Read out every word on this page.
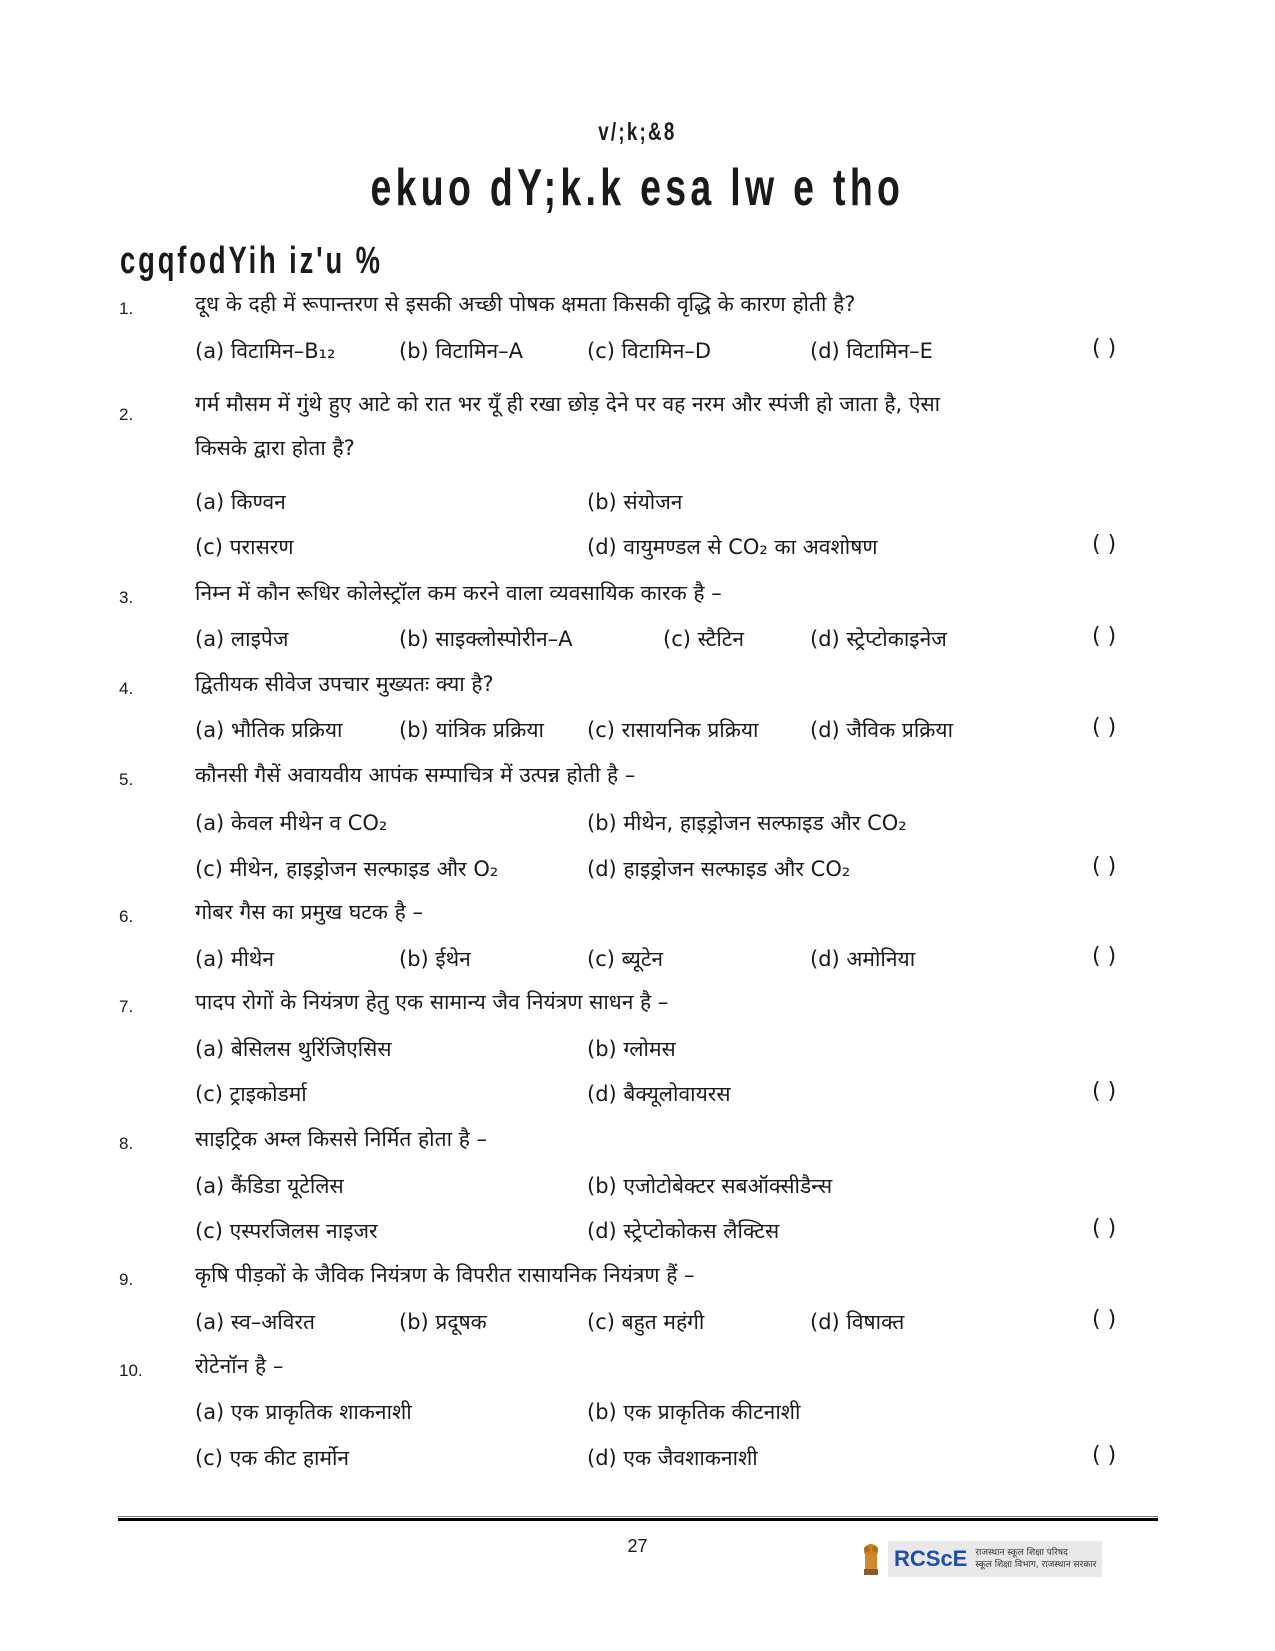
v/;k;&8
ekuo dY;k.k esa lw e tho
cgqfodYih iz'u %
1.	दूध के दही में रूपान्तरण से इसकी अच्छी पोषक क्षमता किसकी वृद्धि के कारण होती है?
(a) विटामिन–B₁₂	(b) विटामिन–A	(c) विटामिन–D	(d) विटामिन–E	( )
2.	गर्म मौसम में गुंथे हुए आटे को रात भर यूँ ही रखा छोड़ देने पर वह नरम और स्पंजी हो जाता है, ऐसा
किसके द्वारा होता है?
(a) किण्वन	(b) संयोजन
(c) परासरण	(d) वायुमण्डल से CO₂ का अवशोषण	( )
3.	निम्न में कौन रूधिर कोलेस्ट्रॉल कम करने वाला व्यवसायिक कारक है –
(a) लाइपेज	(b) साइक्लोस्पोरीन–A	(c) स्टैटिन	(d) स्ट्रेप्टोकाइनेज	( )
4.	द्वितीयक सीवेज उपचार मुख्यतः क्या है?
(a) भौतिक प्रक्रिया	(b) यांत्रिक प्रक्रिया (c) रासायनिक प्रक्रिया (d) जैविक प्रक्रिया	( )
5.	कौनसी गैसें अवायवीय आपंक सम्पाचित्र में उत्पन्न होती है –
(a) केवल मीथेन व CO₂	(b) मीथेन, हाइड्रोजन सल्फाइड और CO₂
(c) मीथेन, हाइड्रोजन सल्फाइड और O₂	(d) हाइड्रोजन सल्फाइड और CO₂	( )
6.	गोबर गैस का प्रमुख घटक है –
(a) मीथेन	(b) ईथेन	(c) ब्यूटेन	(d) अमोनिया	( )
7.	पादप रोगों के नियंत्रण हेतु एक सामान्य जैव नियंत्रण साधन है –
(a) बेसिलस थुरिंजिएसिस	(b) ग्लोमस
(c) ट्राइकोडर्मा	(d) बैक्यूलोवायरस	( )
8.	साइट्रिक अम्ल किससे निर्मित होता है –
(a) कैंडिडा यूटेलिस	(b) एजोटोबेक्टर सबऑक्सीडैन्स
(c) एस्परजिलस नाइजर	(d) स्ट्रेप्टोकोकस लैक्टिस	( )
9.	कृषि पीड़कों के जैविक नियंत्रण के विपरीत रासायनिक नियंत्रण हैं –
(a) स्व–अविरत	(b) प्रदूषक	(c) बहुत महंगी	(d) विषाक्त	( )
10. रोटेनॉन है –
(a) एक प्राकृतिक शाकनाशी	(b) एक प्राकृतिक कीटनाशी
(c) एक कीट हार्मोन	(d) एक जैवशाकनाशी	( )
27	RCScE राजस्थान स्कूल शिक्षा परिषद
स्कूल शिक्षा विभाग, राजस्थान सरकार
